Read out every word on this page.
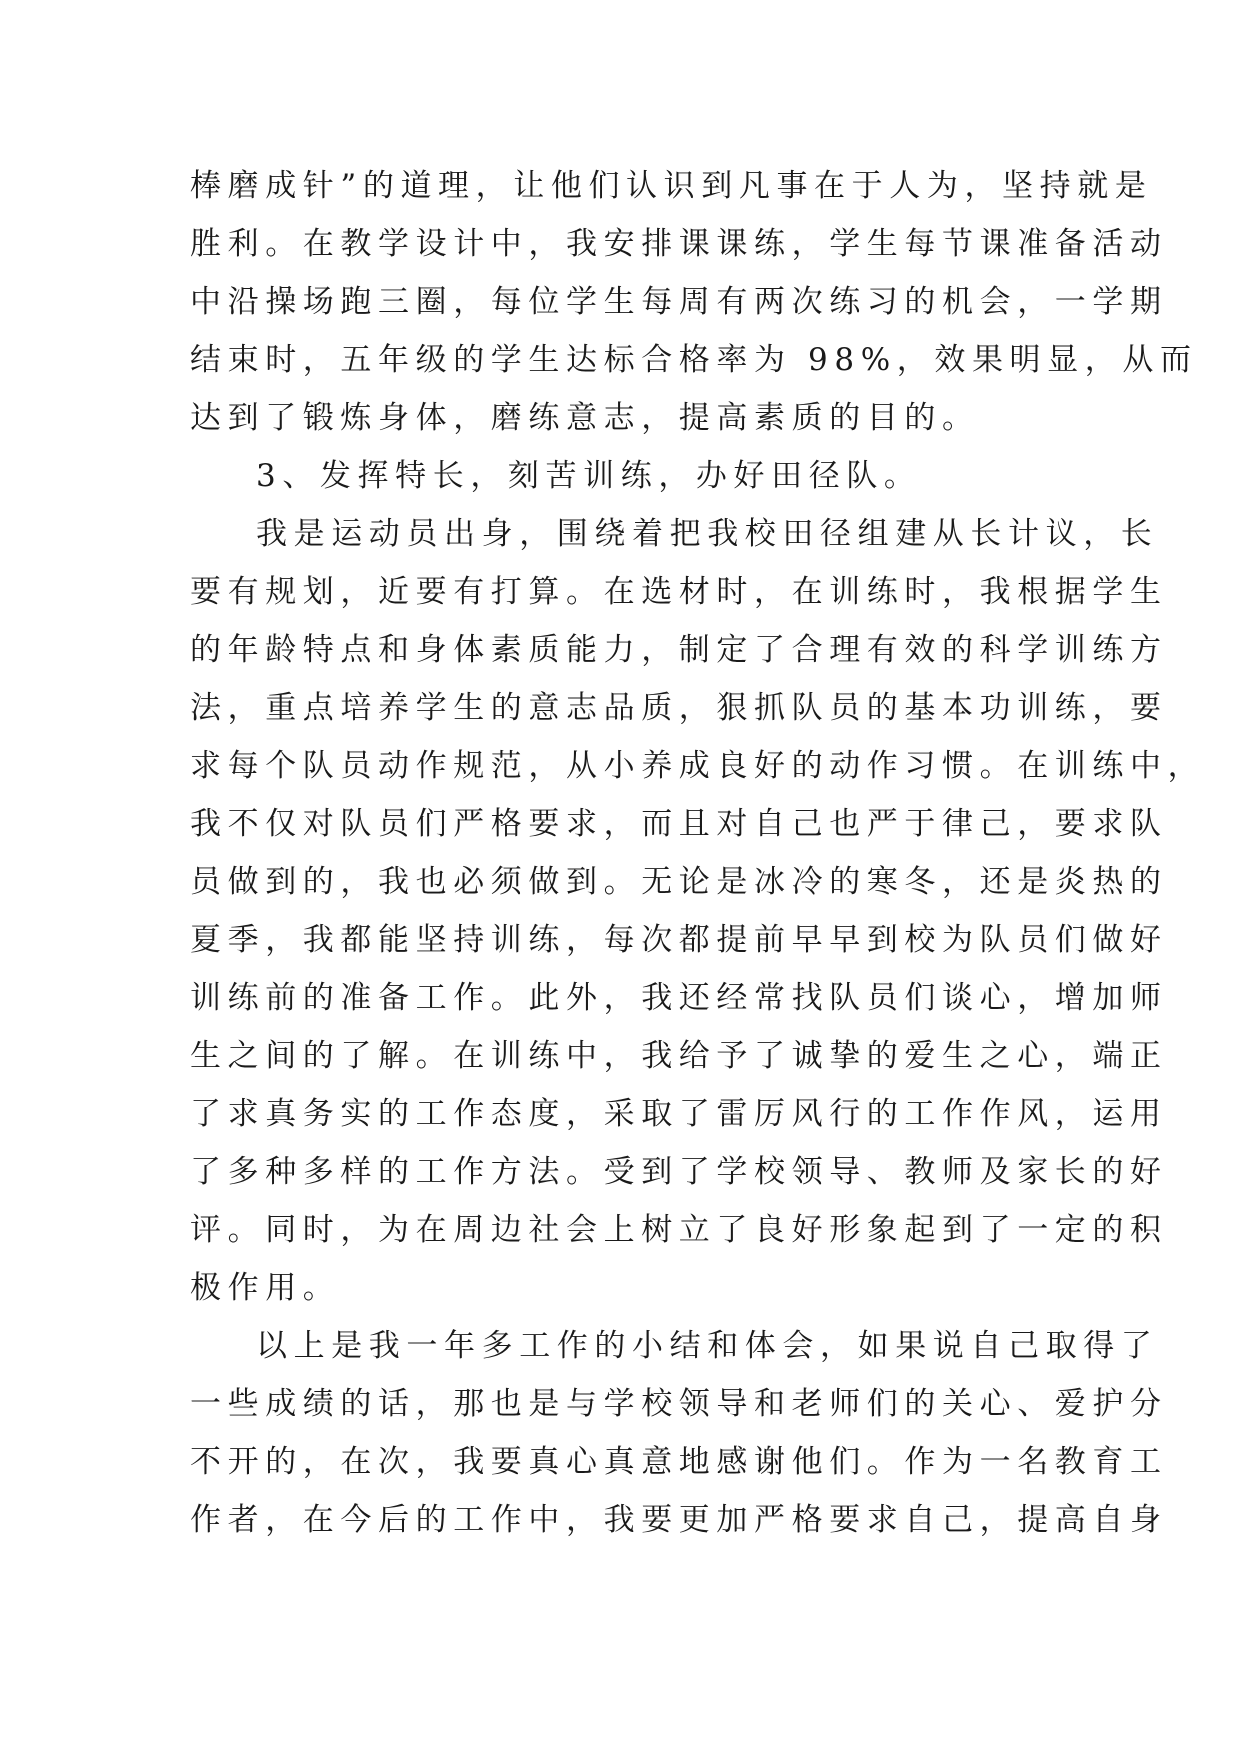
棒磨成针”的道理，让他们认识到凡事在于人为，坚持就是
胜利。在教学设计中，我安排课课练，学生每节课准备活动
中沿操场跑三圈，每位学生每周有两次练习的机会，一学期
结束时，五年级的学生达标合格率为 98%，效果明显，从而
达到了锻炼身体，磨练意志，提高素质的目的。
3、发挥特长，刻苦训练，办好田径队。
我是运动员出身，围绕着把我校田径组建从长计议，长
要有规划，近要有打算。在选材时，在训练时，我根据学生
的年龄特点和身体素质能力，制定了合理有效的科学训练方
法，重点培养学生的意志品质，狠抓队员的基本功训练，要
求每个队员动作规范，从小养成良好的动作习惯。在训练中，
我不仅对队员们严格要求，而且对自己也严于律己，要求队
员做到的，我也必须做到。无论是冰冷的寒冬，还是炎热的
夏季，我都能坚持训练，每次都提前早早到校为队员们做好
训练前的准备工作。此外，我还经常找队员们谈心，增加师
生之间的了解。在训练中，我给予了诚挚的爱生之心，端正
了求真务实的工作态度，采取了雷厉风行的工作作风，运用
了多种多样的工作方法。受到了学校领导、教师及家长的好
评。同时，为在周边社会上树立了良好形象起到了一定的积
极作用。
以上是我一年多工作的小结和体会，如果说自己取得了
一些成绩的话，那也是与学校领导和老师们的关心、爱护分
不开的，在次，我要真心真意地感谢他们。作为一名教育工
作者，在今后的工作中，我要更加严格要求自己，提高自身
